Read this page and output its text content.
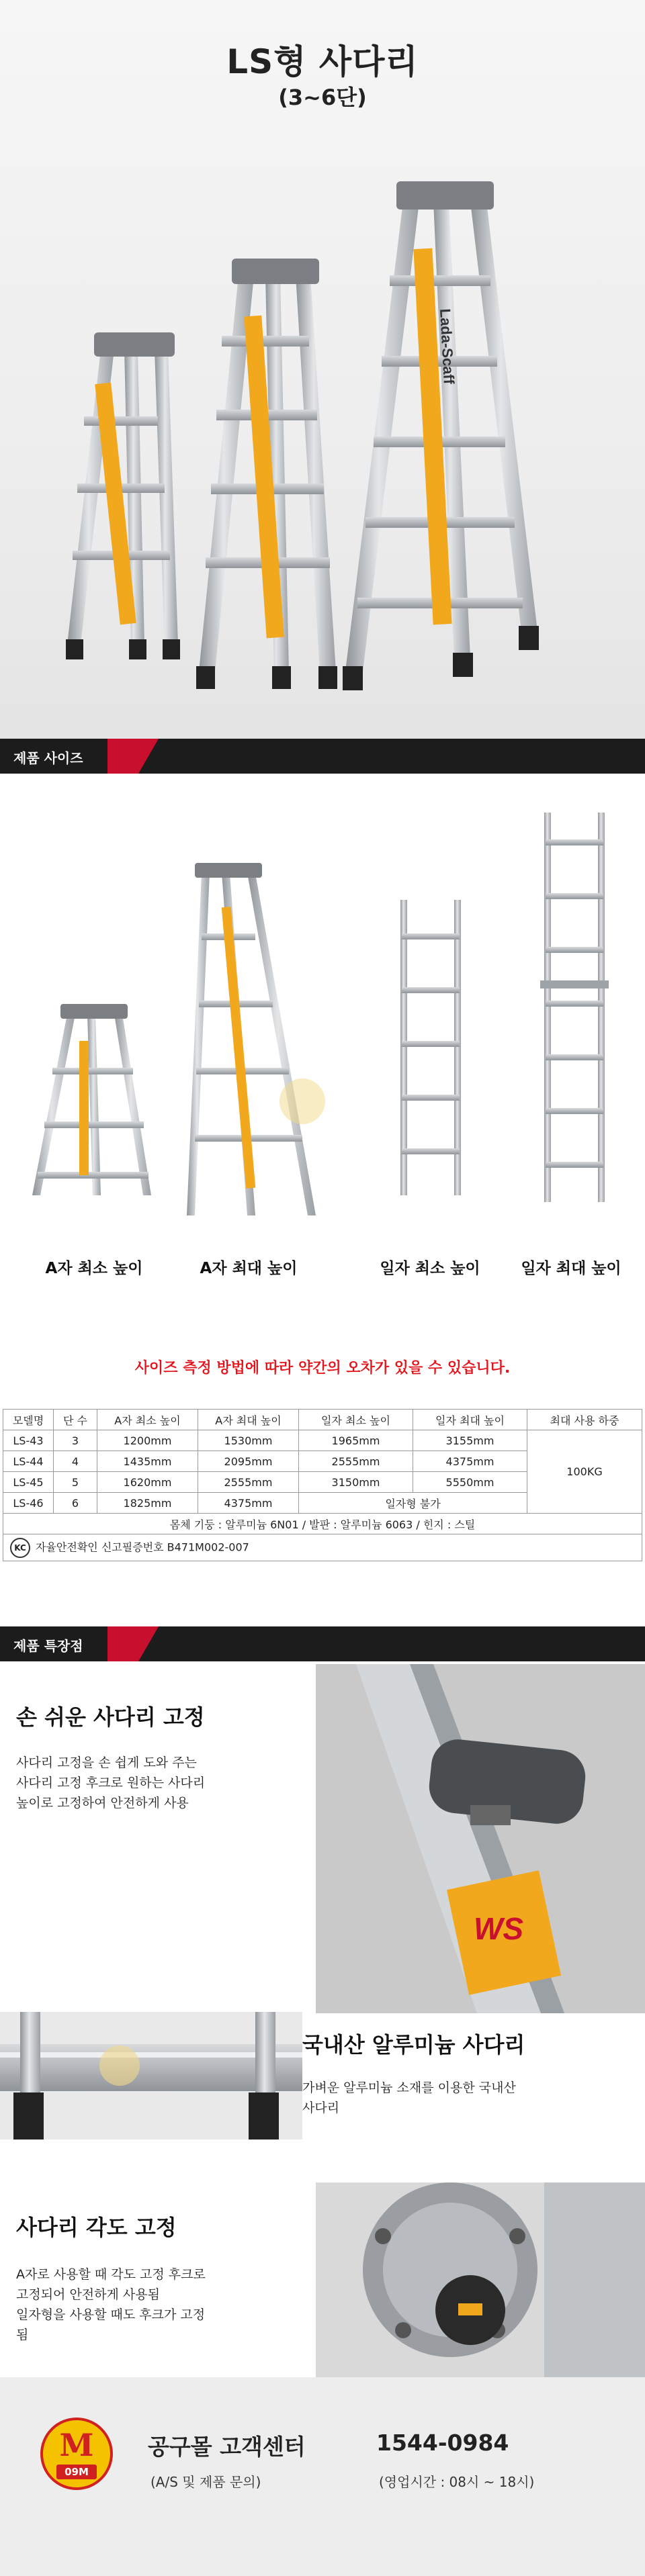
LS형 사다리
(3~6단)
Lada-Scaff
제품 사이즈
A자 최소 높이	A자 최대 높이	일자 최소 높이	일자 최대 높이
사이즈 측정 방법에 따라 약간의 오차가 있을 수 있습니다.
모델명	단 수	A자 최소 높이	A자 최대 높이	일자 최소 높이	일자 최대 높이	최대 사용 하중
LS-43	3	1200mm	1530mm	1965mm	3155mm	100KG
LS-44	4	1435mm	2095mm	2555mm	4375mm	
LS-45	5	1620mm	2555mm	3150mm	5550mm	
LS-46	6	1825mm	4375mm	일자형 불가		
몸체 기둥 : 알루미늄 6N01 / 발판 : 알루미늄 6063 / 힌지 : 스틸						
KC 자율안전확인 신고필증번호 B471M002-007						
제품 특장점
손 쉬운 사다리 고정
사다리 고정을 손 쉽게 도와 주는
사다리 고정 후크로 원하는 사다리
높이로 고정하여 안전하게 사용
WS
국내산 알루미늄 사다리
가벼운 알루미늄 소재를 이용한 국내산
사다리
사다리 각도 고정
A자로 사용할 때 각도 고정 후크로
고정되어 안전하게 사용됨
일자형을 사용할 때도 후크가 고정
됨
M
09M
공구몰 고객센터	1544-0984
(A/S 및 제품 문의)	(영업시간 : 08시 ~ 18시)
